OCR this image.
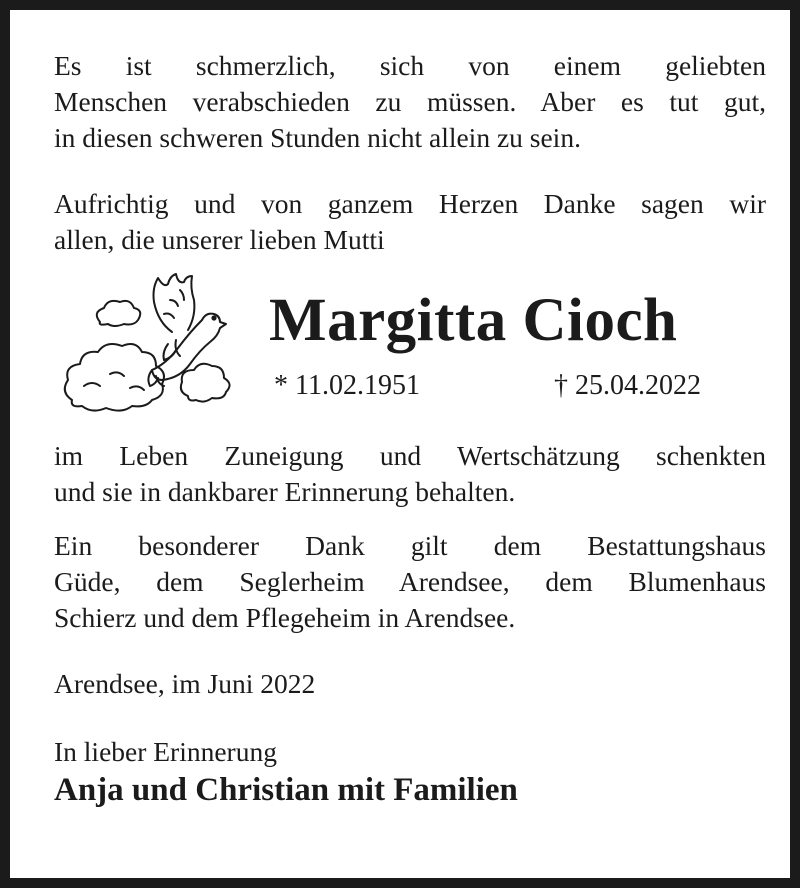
Es ist schmerzlich, sich von einem geliebten

Menschen verabschieden zu müssen. Aber es tut gut,

in diesen schweren Stunden nicht allein zu sein.

Aufrichtig und von ganzem Herzen Danke sagen wir

allen, die unserer lieben Mutti

Margitta Cioch
* 11.02.1951	† 25.04.2022

im Leben Zuneigung und Wertschätzung schenkten

und sie in dankbarer Erinnerung behalten.

Ein besonderer Dank gilt dem Bestattungshaus

Güde, dem Seglerheim Arendsee, dem Blumenhaus

Schierz und dem Pflegeheim in Arendsee.

Arendsee, im Juni 2022
In lieber Erinnerung
Anja und Christian mit Familien
